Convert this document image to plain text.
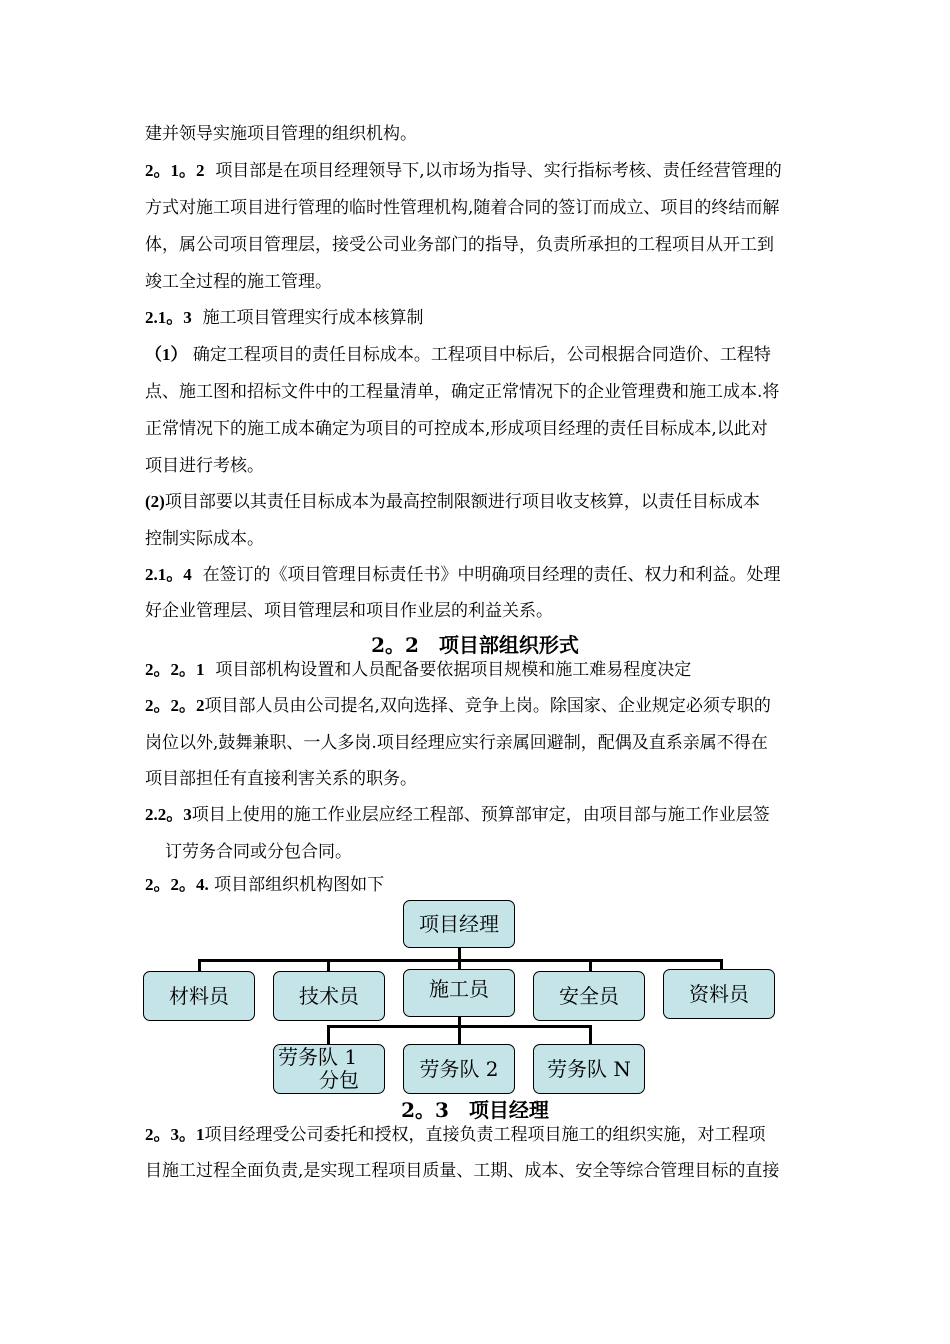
建并领导实施项目管理的组织机构。
2。1。2 项目部是在项目经理领导下,以市场为指导、实行指标考核、责任经营管理的
方式对施工项目进行管理的临时性管理机构,随着合同的签订而成立、项目的终结而解
体，属公司项目管理层，接受公司业务部门的指导，负责所承担的工程项目从开工到
竣工全过程的施工管理。
2.1。3 施工项目管理实行成本核算制
（1） 确定工程项目的责任目标成本。工程项目中标后，公司根据合同造价、工程特
点、施工图和招标文件中的工程量清单，确定正常情况下的企业管理费和施工成本.将
正常情况下的施工成本确定为项目的可控成本,形成项目经理的责任目标成本,以此对
项目进行考核。
(2)项目部要以其责任目标成本为最高控制限额进行项目收支核算，以责任目标成本
控制实际成本。
2.1。4 在签订的《项目管理目标责任书》中明确项目经理的责任、权力和利益。处理
好企业管理层、项目管理层和项目作业层的利益关系。
2。2　项目部组织形式
2。2。1 项目部机构设置和人员配备要依据项目规模和施工难易程度决定
2。2。2项目部人员由公司提名,双向选择、竞争上岗。除国家、企业规定必须专职的
岗位以外,鼓舞兼职、一人多岗.项目经理应实行亲属回避制，配偶及直系亲属不得在
项目部担任有直接利害关系的职务。
2.2。3项目上使用的施工作业层应经工程部、预算部审定，由项目部与施工作业层签
订劳务合同或分包合同。
2。2。4. 项目部组织机构图如下
项目经理
材料员	技术员	施工员	安全员	资料员
劳务队 1
分包	劳务队 2	劳务队 N
2。3　项目经理
2。3。1项目经理受公司委托和授权，直接负责工程项目施工的组织实施，对工程项
目施工过程全面负责,是实现工程项目质量、工期、成本、安全等综合管理目标的直接
